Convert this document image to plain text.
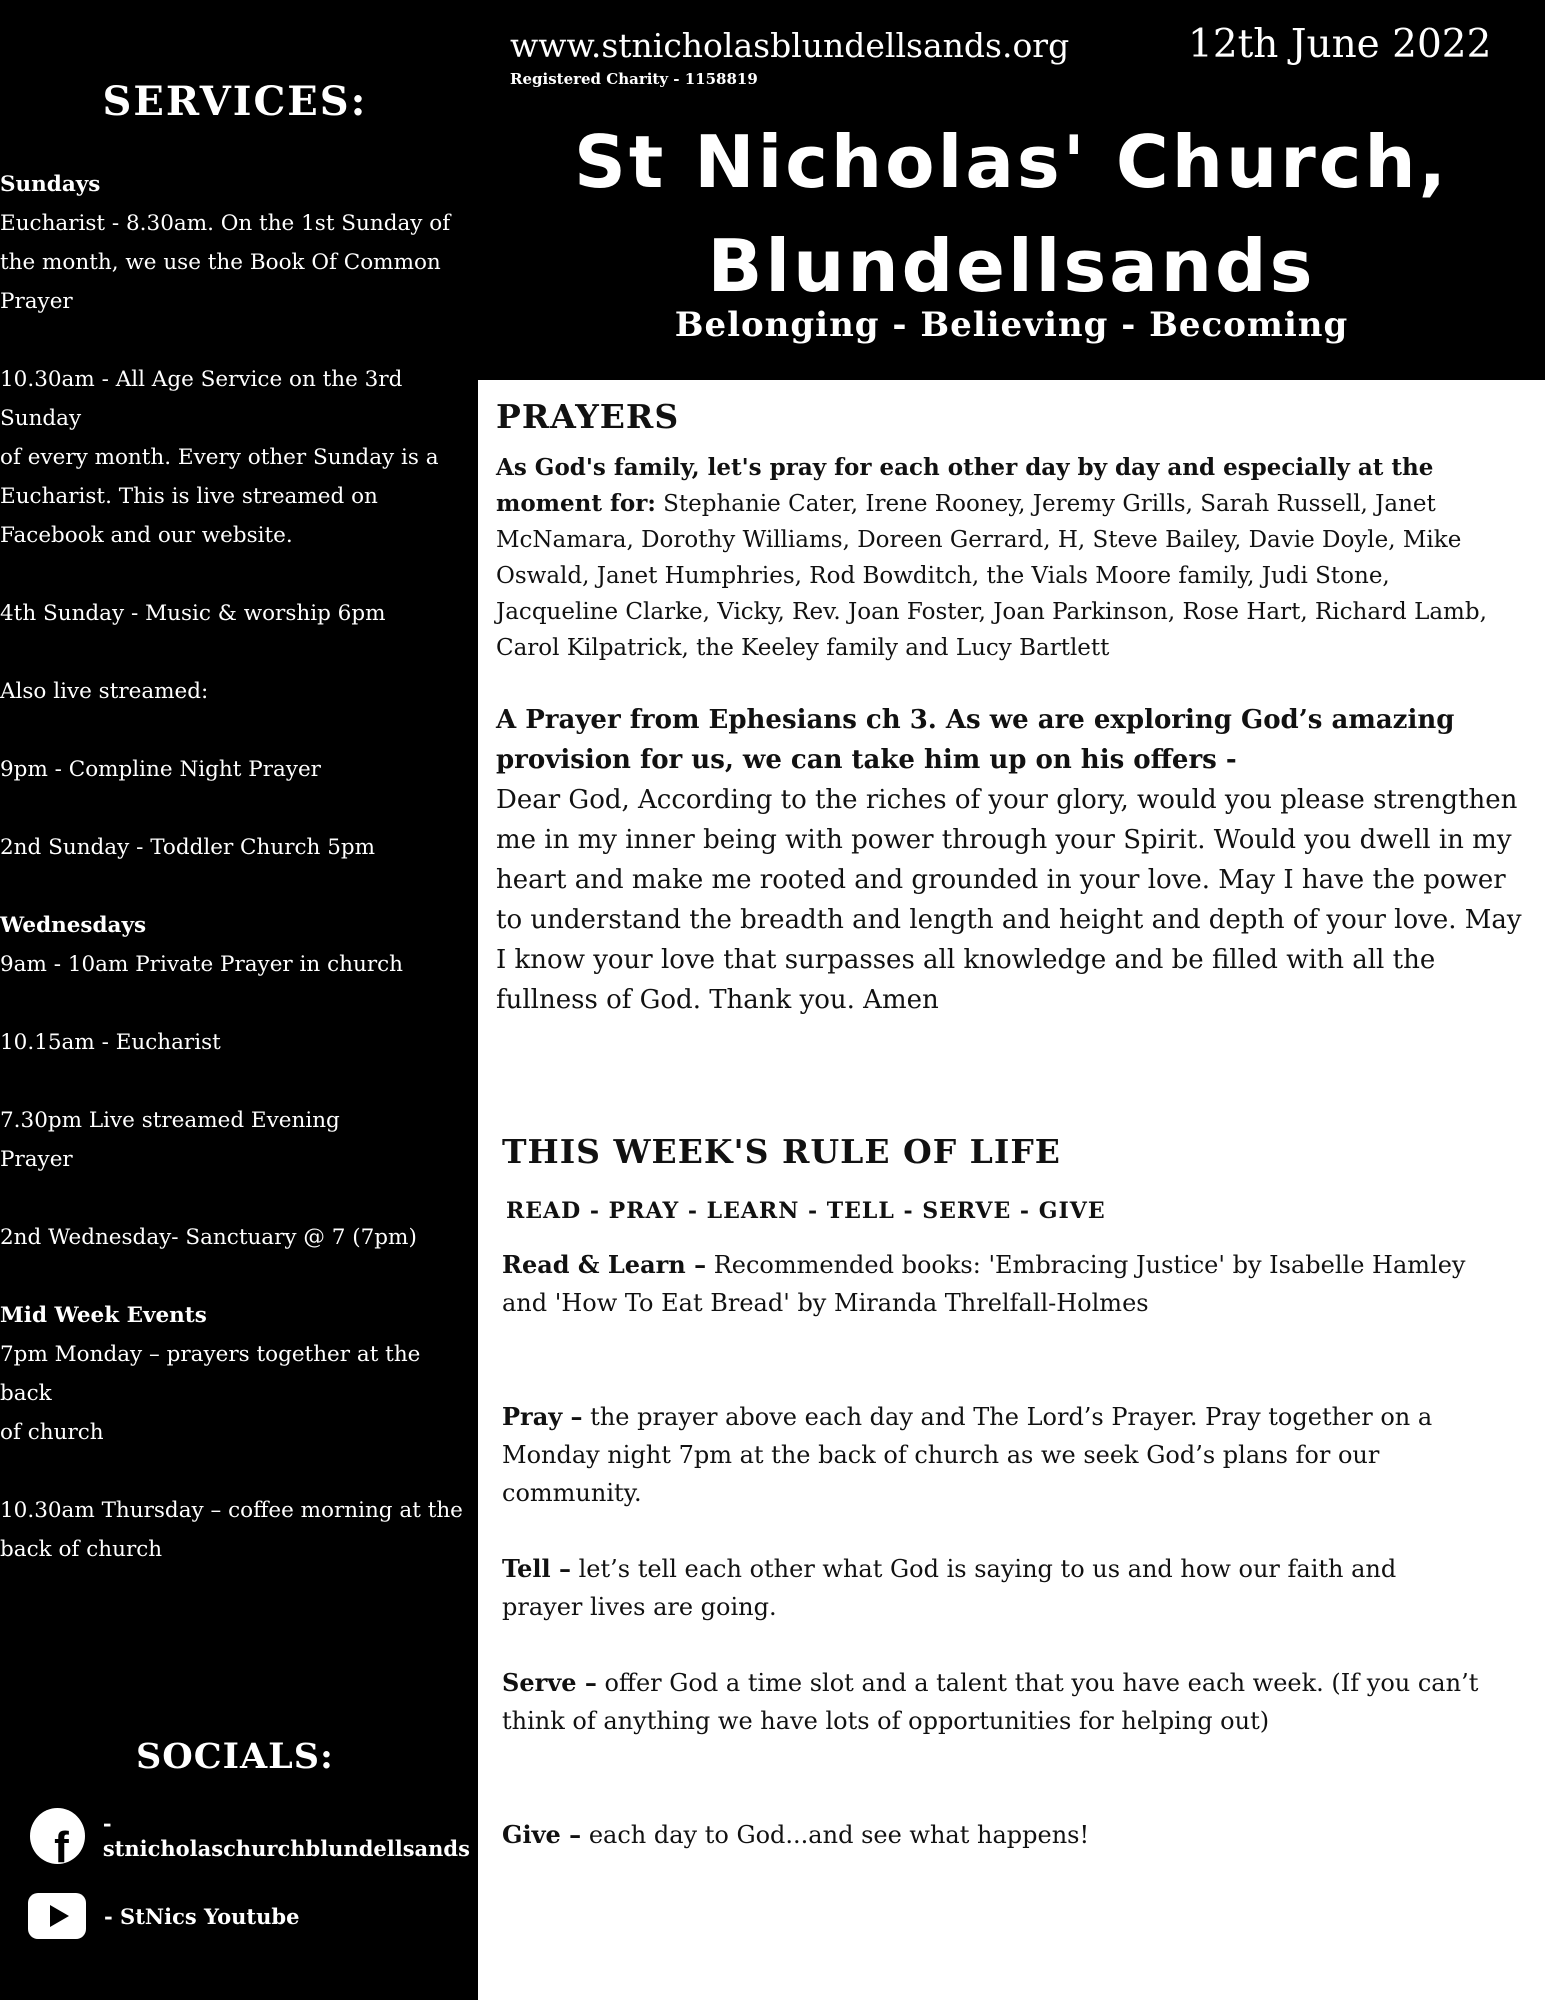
SERVICES:

Sundays

Eucharist - 8.30am. On the 1st Sunday of

the month, we use the Book Of Common

Prayer

10.30am - All Age Service on the 3rd Sunday

of every month. Every other Sunday is a

Eucharist. This is live streamed on

Facebook and our website.

4th Sunday - Music & worship 6pm

Also live streamed:

9pm - Compline Night Prayer

2nd Sunday - Toddler Church 5pm

Wednesdays

9am - 10am Private Prayer in church

10.15am - Eucharist

7.30pm Live streamed Evening

Prayer

2nd Wednesday- Sanctuary @ 7 (7pm)

Mid Week Events

7pm Monday – prayers together at the back

of church

10.30am Thursday – coffee morning at the

back of church

SOCIALS:
f - stnicholaschurchblundellsands
- StNics Youtube
www.stnicholasblundellsands.org
Registered Charity - 1158819
12th June 2022
St Nicholas' Church,
Blundellsands
Belonging - Believing - Becoming
PRAYERS

As God's family, let's pray for each other day by day and especially at the moment for: Stephanie Cater, Irene Rooney, Jeremy Grills, Sarah Russell, Janet McNamara, Dorothy Williams, Doreen Gerrard, H, Steve Bailey, Davie Doyle, Mike Oswald, Janet Humphries, Rod Bowditch, the Vials Moore family, Judi Stone, Jacqueline Clarke, Vicky, Rev. Joan Foster, Joan Parkinson, Rose Hart, Richard Lamb, Carol Kilpatrick, the Keeley family and Lucy Bartlett

A Prayer from Ephesians ch 3. As we are exploring God’s amazing provision for us, we can take him up on his offers -
Dear God, According to the riches of your glory, would you please strengthen me in my inner being with power through your Spirit. Would you dwell in my heart and make me rooted and grounded in your love. May I have the power to understand the breadth and length and height and depth of your love. May I know your love that surpasses all knowledge and be filled with all the fullness of God. Thank you. Amen

THIS WEEK'S RULE OF LIFE
READ - PRAY - LEARN - TELL - SERVE - GIVE

Read & Learn – Recommended books: 'Embracing Justice' by Isabelle Hamley and 'How To Eat Bread' by Miranda Threlfall-Holmes

Pray – the prayer above each day and The Lord’s Prayer. Pray together on a Monday night 7pm at the back of church as we seek God’s plans for our community.

Tell – let’s tell each other what God is saying to us and how our faith and prayer lives are going.

Serve – offer God a time slot and a talent that you have each week. (If you can’t think of anything we have lots of opportunities for helping out)

Give – each day to God...and see what happens!
